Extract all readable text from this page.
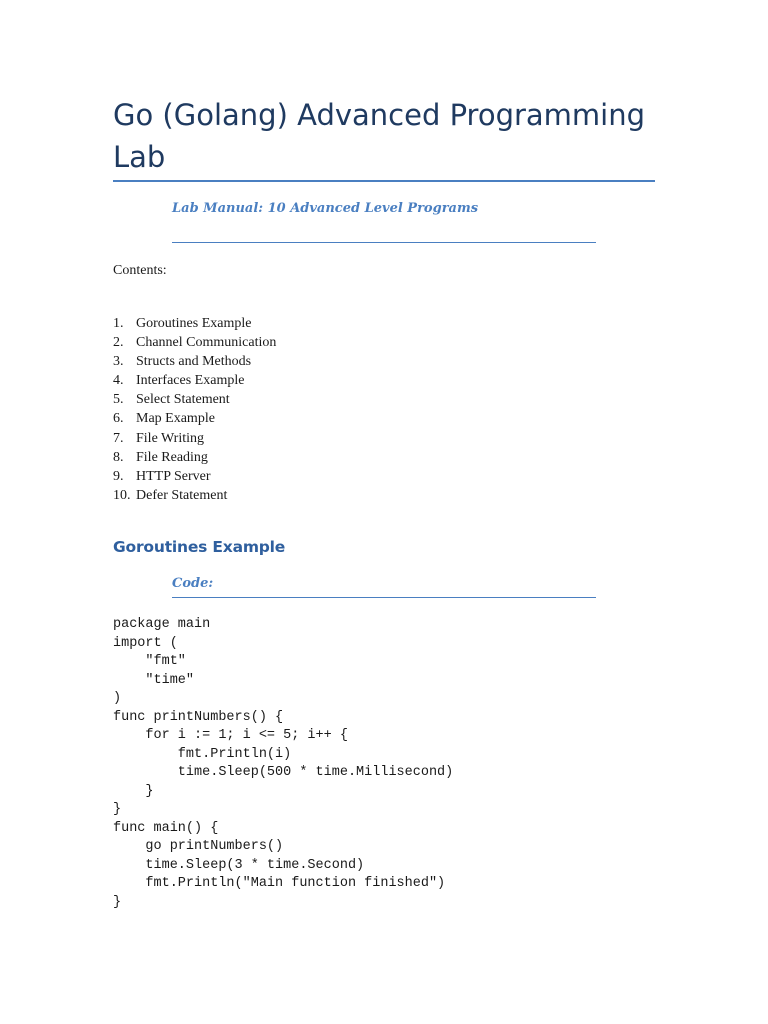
Go (Golang) Advanced Programming Lab
Lab Manual: 10 Advanced Level Programs
Contents:
1. Goroutines Example
2. Channel Communication
3. Structs and Methods
4. Interfaces Example
5. Select Statement
6. Map Example
7. File Writing
8. File Reading
9. HTTP Server
10. Defer Statement
Goroutines Example
Code:
package main
import (
"fmt"
"time"
)
func printNumbers() {
for i := 1; i <= 5; i++ {
fmt.Println(i)
time.Sleep(500 * time.Millisecond)
}
}
func main() {
go printNumbers()
time.Sleep(3 * time.Second)
fmt.Println("Main function finished")
}
